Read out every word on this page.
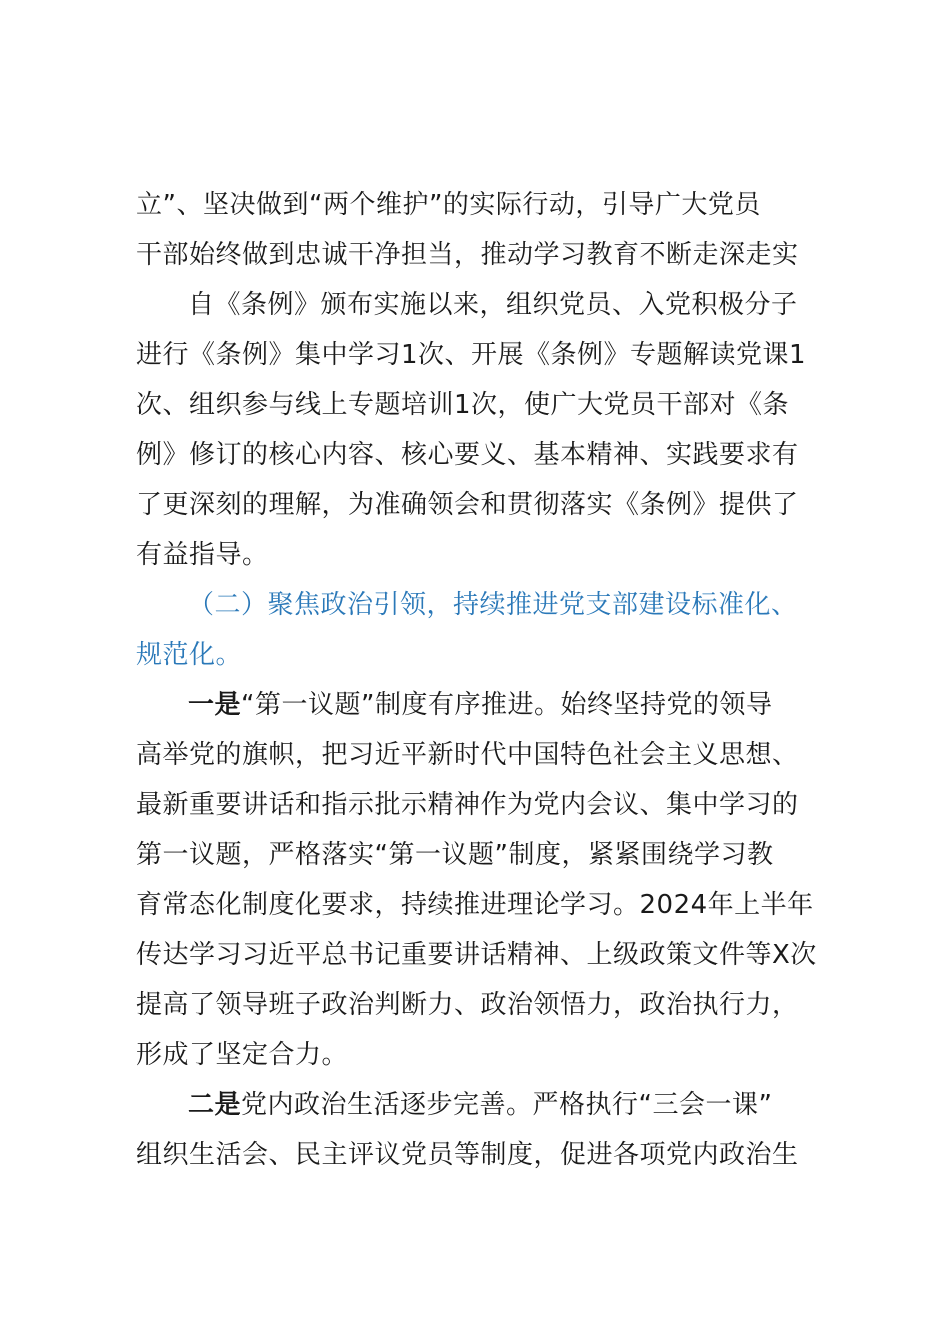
立”、坚决做到“两个维护”的实际行动，引导广大党员
干部始终做到忠诚干净担当，推动学习教育不断走深走实
自《条例》颁布实施以来，组织党员、入党积极分子
进行《条例》集中学习1次、开展《条例》专题解读党课1
次、组织参与线上专题培训1次，使广大党员干部对《条
例》修订的核心内容、核心要义、基本精神、实践要求有
了更深刻的理解，为准确领会和贯彻落实《条例》提供了
有益指导。
（二）聚焦政治引领，持续推进党支部建设标准化、
规范化。
一是“第一议题”制度有序推进。始终坚持党的领导
高举党的旗帜，把习近平新时代中国特色社会主义思想、
最新重要讲话和指示批示精神作为党内会议、集中学习的
第一议题，严格落实“第一议题”制度，紧紧围绕学习教
育常态化制度化要求，持续推进理论学习。2024年上半年
传达学习习近平总书记重要讲话精神、上级政策文件等X次
提高了领导班子政治判断力、政治领悟力，政治执行力，
形成了坚定合力。
二是党内政治生活逐步完善。严格执行“三会一课”
组织生活会、民主评议党员等制度，促进各项党内政治生
